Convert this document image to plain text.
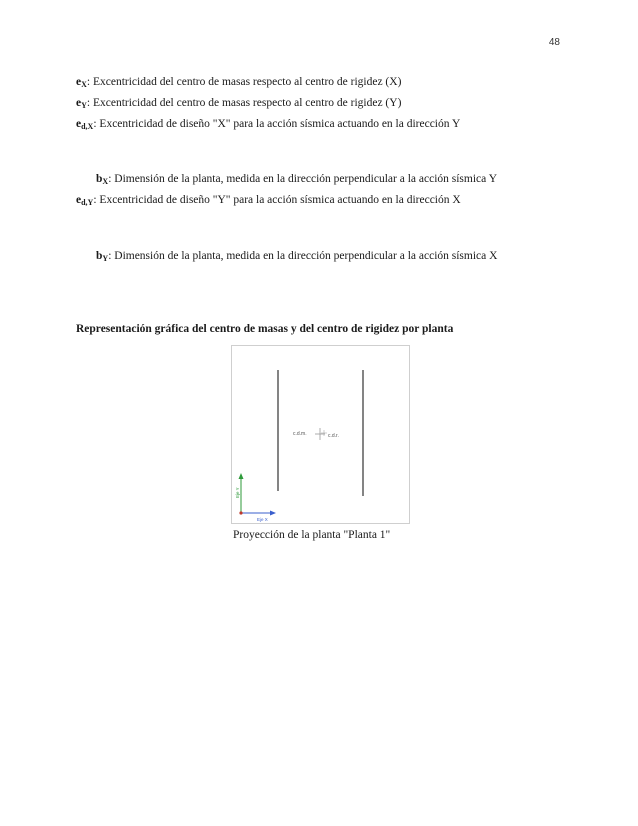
48
$e_X$: Excentricidad del centro de masas respecto al centro de rigidez (X)
$e_Y$: Excentricidad del centro de masas respecto al centro de rigidez (Y)
$e_{d,X}$: Excentricidad de diseño "X" para la acción sísmica actuando en la dirección Y
$b_X$: Dimensión de la planta, medida en la dirección perpendicular a la acción sísmica Y
$e_{d,Y}$: Excentricidad de diseño "Y" para la acción sísmica actuando en la dirección X
$b_Y$: Dimensión de la planta, medida en la dirección perpendicular a la acción sísmica X
Representación gráfica del centro de masas y del centro de rigidez por planta
c.d.m.	c.d.r.
Eje Y
Eje X
Proyección de la planta "Planta 1"
